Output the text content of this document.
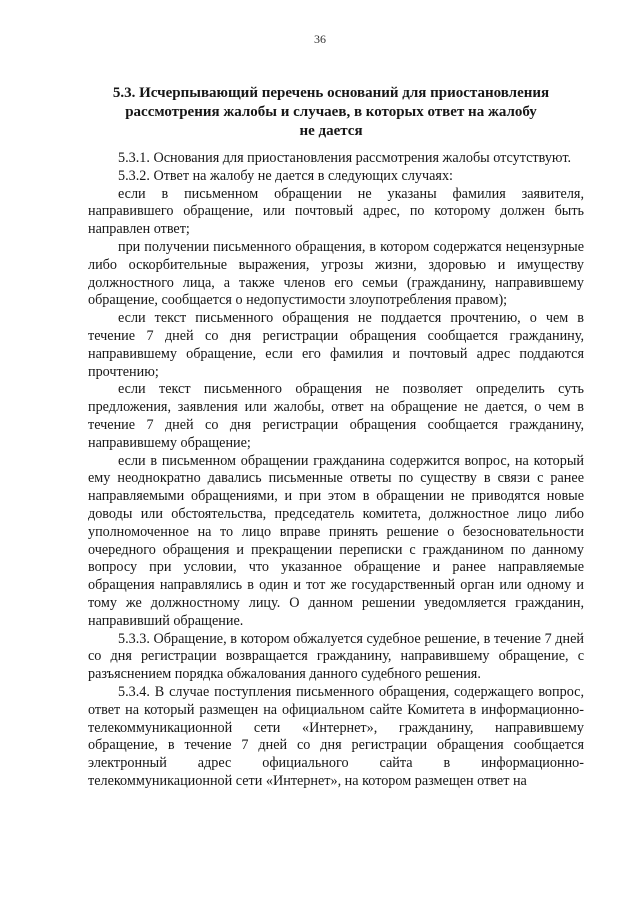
36
5.3. Исчерпывающий перечень оснований для приостановления
рассмотрения жалобы и случаев, в которых ответ на жалобу
не дается

5.3.1. Основания для приостановления рассмотрения жалобы отсутствуют.

5.3.2. Ответ на жалобу не дается в следующих случаях:

если в письменном обращении не указаны фамилия заявителя, направившего обращение, или почтовый адрес, по которому должен быть направлен ответ;

при получении письменного обращения, в котором содержатся нецензурные либо оскорбительные выражения, угрозы жизни, здоровью и имуществу должностного лица, а также членов его семьи (гражданину, направившему обращение, сообщается о недопустимости злоупотребления правом);

если текст письменного обращения не поддается прочтению, о чем в течение 7 дней со дня регистрации обращения сообщается гражданину, направившему обращение, если его фамилия и почтовый адрес поддаются прочтению;

если текст письменного обращения не позволяет определить суть предложения, заявления или жалобы, ответ на обращение не дается, о чем в течение 7 дней со дня регистрации обращения сообщается гражданину, направившему обращение;

если в письменном обращении гражданина содержится вопрос, на который ему неоднократно давались письменные ответы по существу в связи с ранее направляемыми обращениями, и при этом в обращении не приводятся новые доводы или обстоятельства, председатель комитета, должностное лицо либо уполномоченное на то лицо вправе принять решение о безосновательности очередного обращения и прекращении переписки с гражданином по данному вопросу при условии, что указанное обращение и ранее направляемые обращения направлялись в один и тот же государственный орган или одному и тому же должностному лицу. О данном решении уведомляется гражданин, направивший обращение.

5.3.3. Обращение, в котором обжалуется судебное решение, в течение 7 дней со дня регистрации возвращается гражданину, направившему обращение, с разъяснением порядка обжалования данного судебного решения.

5.3.4. В случае поступления письменного обращения, содержащего вопрос, ответ на который размещен на официальном сайте Комитета в информационно-телекоммуникационной сети «Интернет», гражданину, направившему обращение, в течение 7 дней со дня регистрации обращения сообщается электронный адрес официального сайта в информационно-телекоммуникационной сети «Интернет», на котором размещен ответ на
